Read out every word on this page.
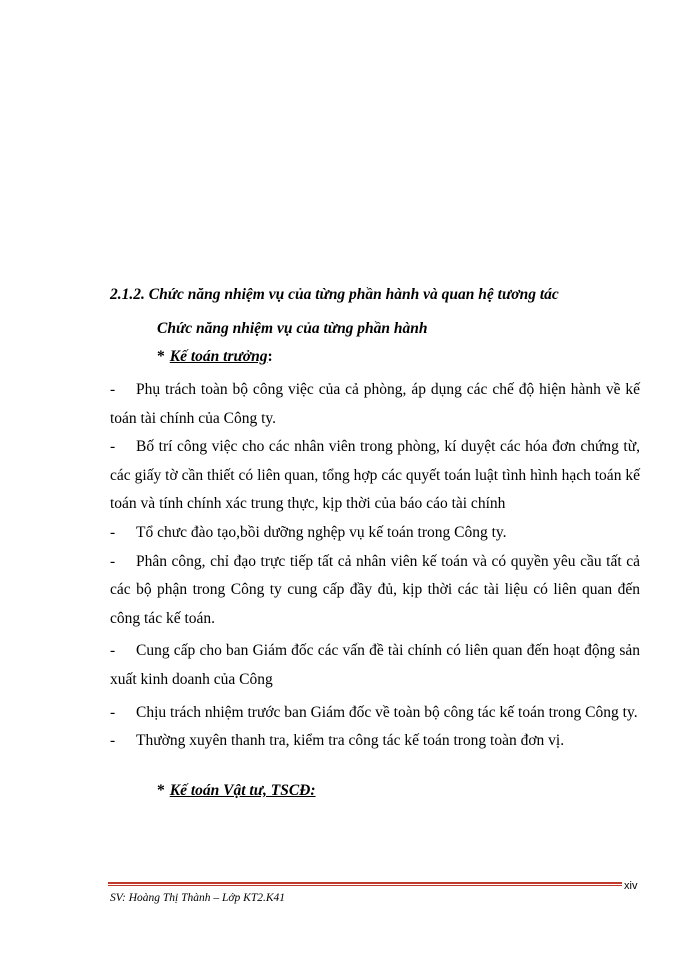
2.1.2. Chức năng nhiệm vụ của từng phần hành và quan hệ tương tác
Chức năng nhiệm vụ của từng phần hành
* Kế toán trưởng:
-	Phụ trách toàn bộ công việc của cả phòng, áp dụng các chế độ hiện hành về kế toán tài chính của Công ty.
-	Bố trí công việc cho các nhân viên trong phòng, kí duyệt các hóa đơn chứng từ, các giấy tờ cần thiết có liên quan, tổng hợp các quyết toán luật tình hình hạch toán kế toán và tính chính xác trung thực, kịp thời của báo cáo tài chính
-	Tổ chưc đào tạo,bồi dưỡng nghệp vụ kế toán trong Công ty.
-	Phân công, chỉ đạo trực tiếp tất cả nhân viên kế toán và có quyền yêu cầu tất cả các bộ phận trong Công ty cung cấp đầy đủ, kịp thời các tài liệu có liên quan đến công tác kế toán.
-	Cung cấp cho ban Giám đốc các vấn đề tài chính có liên quan đến hoạt động sản xuất kinh doanh của Công
-	Chịu trách nhiệm trước ban Giám đốc về toàn bộ công tác kế toán trong Công ty.
-	Thường xuyên thanh tra, kiểm tra công tác kế toán trong toàn đơn vị.
* Kế toán Vật tư, TSCĐ:
SV: Hoàng Thị Thành – Lớp KT2.K41
xiv
